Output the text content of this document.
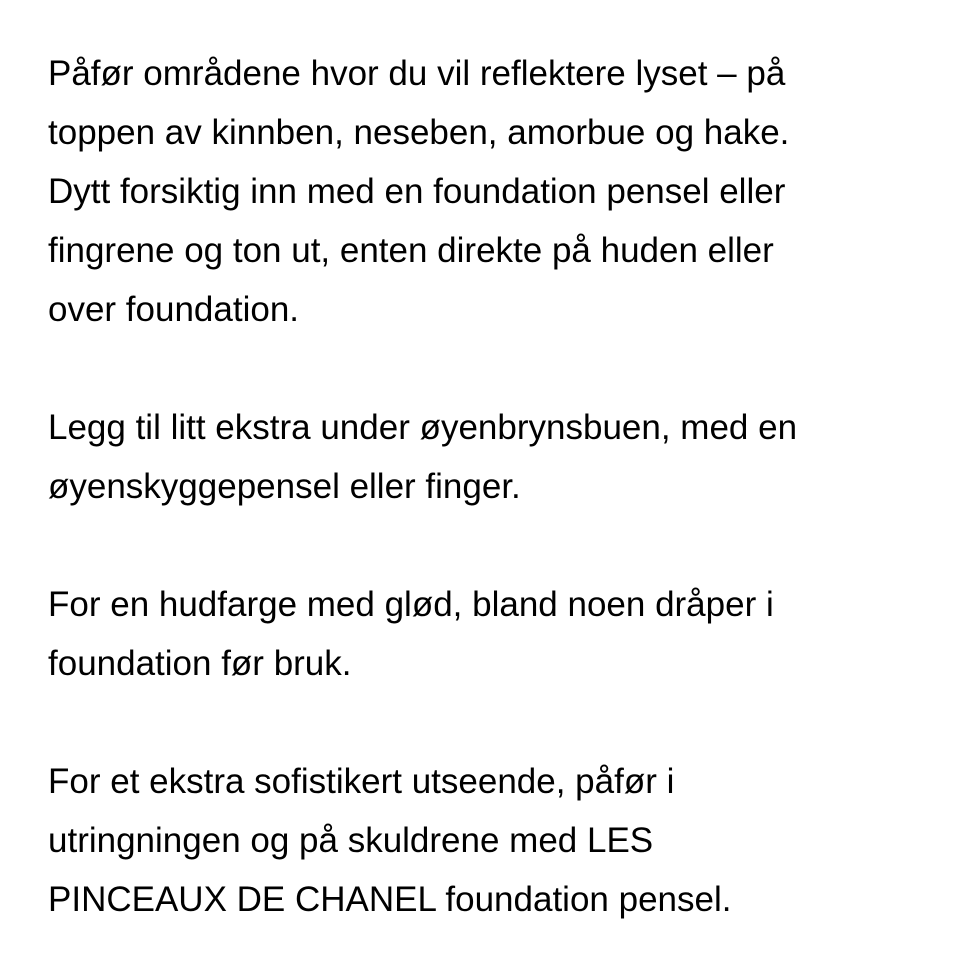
Påfør områdene hvor du vil reflektere lyset – på
toppen av kinnben, neseben, amorbue og hake.
Dytt forsiktig inn med en foundation pensel eller
fingrene og ton ut, enten direkte på huden eller
over foundation.

Legg til litt ekstra under øyenbrynsbuen, med en
øyenskyggepensel eller finger.

For en hudfarge med glød, bland noen dråper i
foundation før bruk.

For et ekstra sofistikert utseende, påfør i
utringningen og på skuldrene med LES
PINCEAUX DE CHANEL foundation pensel.
